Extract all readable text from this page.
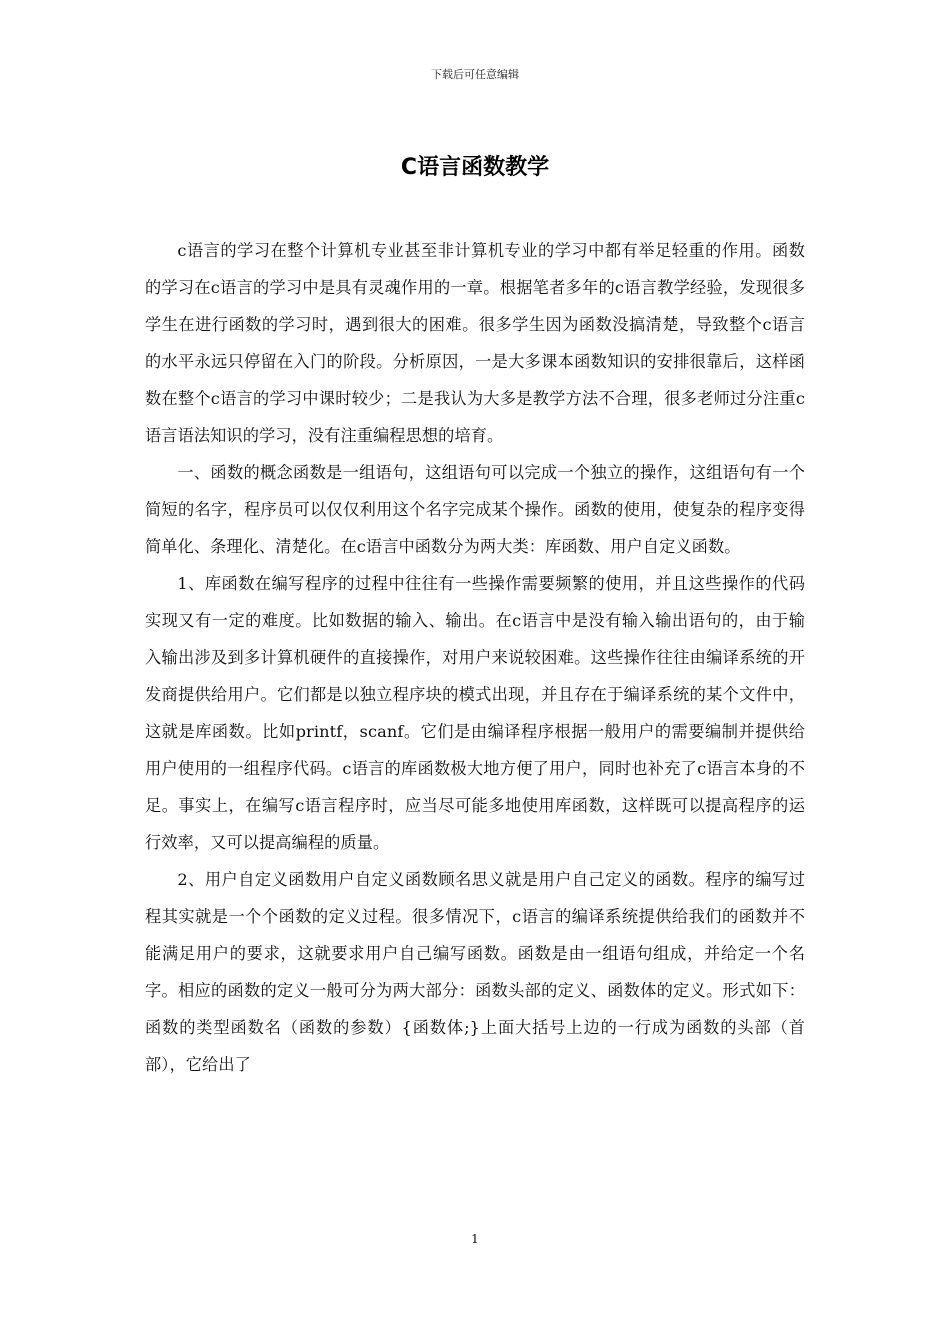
下载后可任意编辑
C语言函数教学

c语言的学习在整个计算机专业甚至非计算机专业的学习中都有举足轻重的作用。函数的学习在c语言的学习中是具有灵魂作用的一章。根据笔者多年的c语言教学经验，发现很多学生在进行函数的学习时，遇到很大的困难。很多学生因为函数没搞清楚，导致整个c语言的水平永远只停留在入门的阶段。分析原因，一是大多课本函数知识的安排很靠后，这样函数在整个c语言的学习中课时较少；二是我认为大多是教学方法不合理，很多老师过分注重c语言语法知识的学习，没有注重编程思想的培育。

一、函数的概念函数是一组语句，这组语句可以完成一个独立的操作，这组语句有一个简短的名字，程序员可以仅仅利用这个名字完成某个操作。函数的使用，使复杂的程序变得简单化、条理化、清楚化。在c语言中函数分为两大类：库函数、用户自定义函数。

1、库函数在编写程序的过程中往往有一些操作需要频繁的使用，并且这些操作的代码实现又有一定的难度。比如数据的输入、输出。在c语言中是没有输入输出语句的，由于输入输出涉及到多计算机硬件的直接操作，对用户来说较困难。这些操作往往由编译系统的开发商提供给用户。它们都是以独立程序块的模式出现，并且存在于编译系统的某个文件中，这就是库函数。比如printf，scanf。它们是由编译程序根据一般用户的需要编制并提供给用户使用的一组程序代码。c语言的库函数极大地方便了用户，同时也补充了c语言本身的不足。事实上，在编写c语言程序时，应当尽可能多地使用库函数，这样既可以提高程序的运行效率，又可以提高编程的质量。

2、用户自定义函数用户自定义函数顾名思义就是用户自己定义的函数。程序的编写过程其实就是一个个函数的定义过程。很多情况下，c语言的编译系统提供给我们的函数并不能满足用户的要求，这就要求用户自己编写函数。函数是由一组语句组成，并给定一个名字。相应的函数的定义一般可分为两大部分：函数头部的定义、函数体的定义。形式如下：函数的类型函数名（函数的参数）{函数体;}上面大括号上边的一行成为函数的头部（首部），它给出了

1
